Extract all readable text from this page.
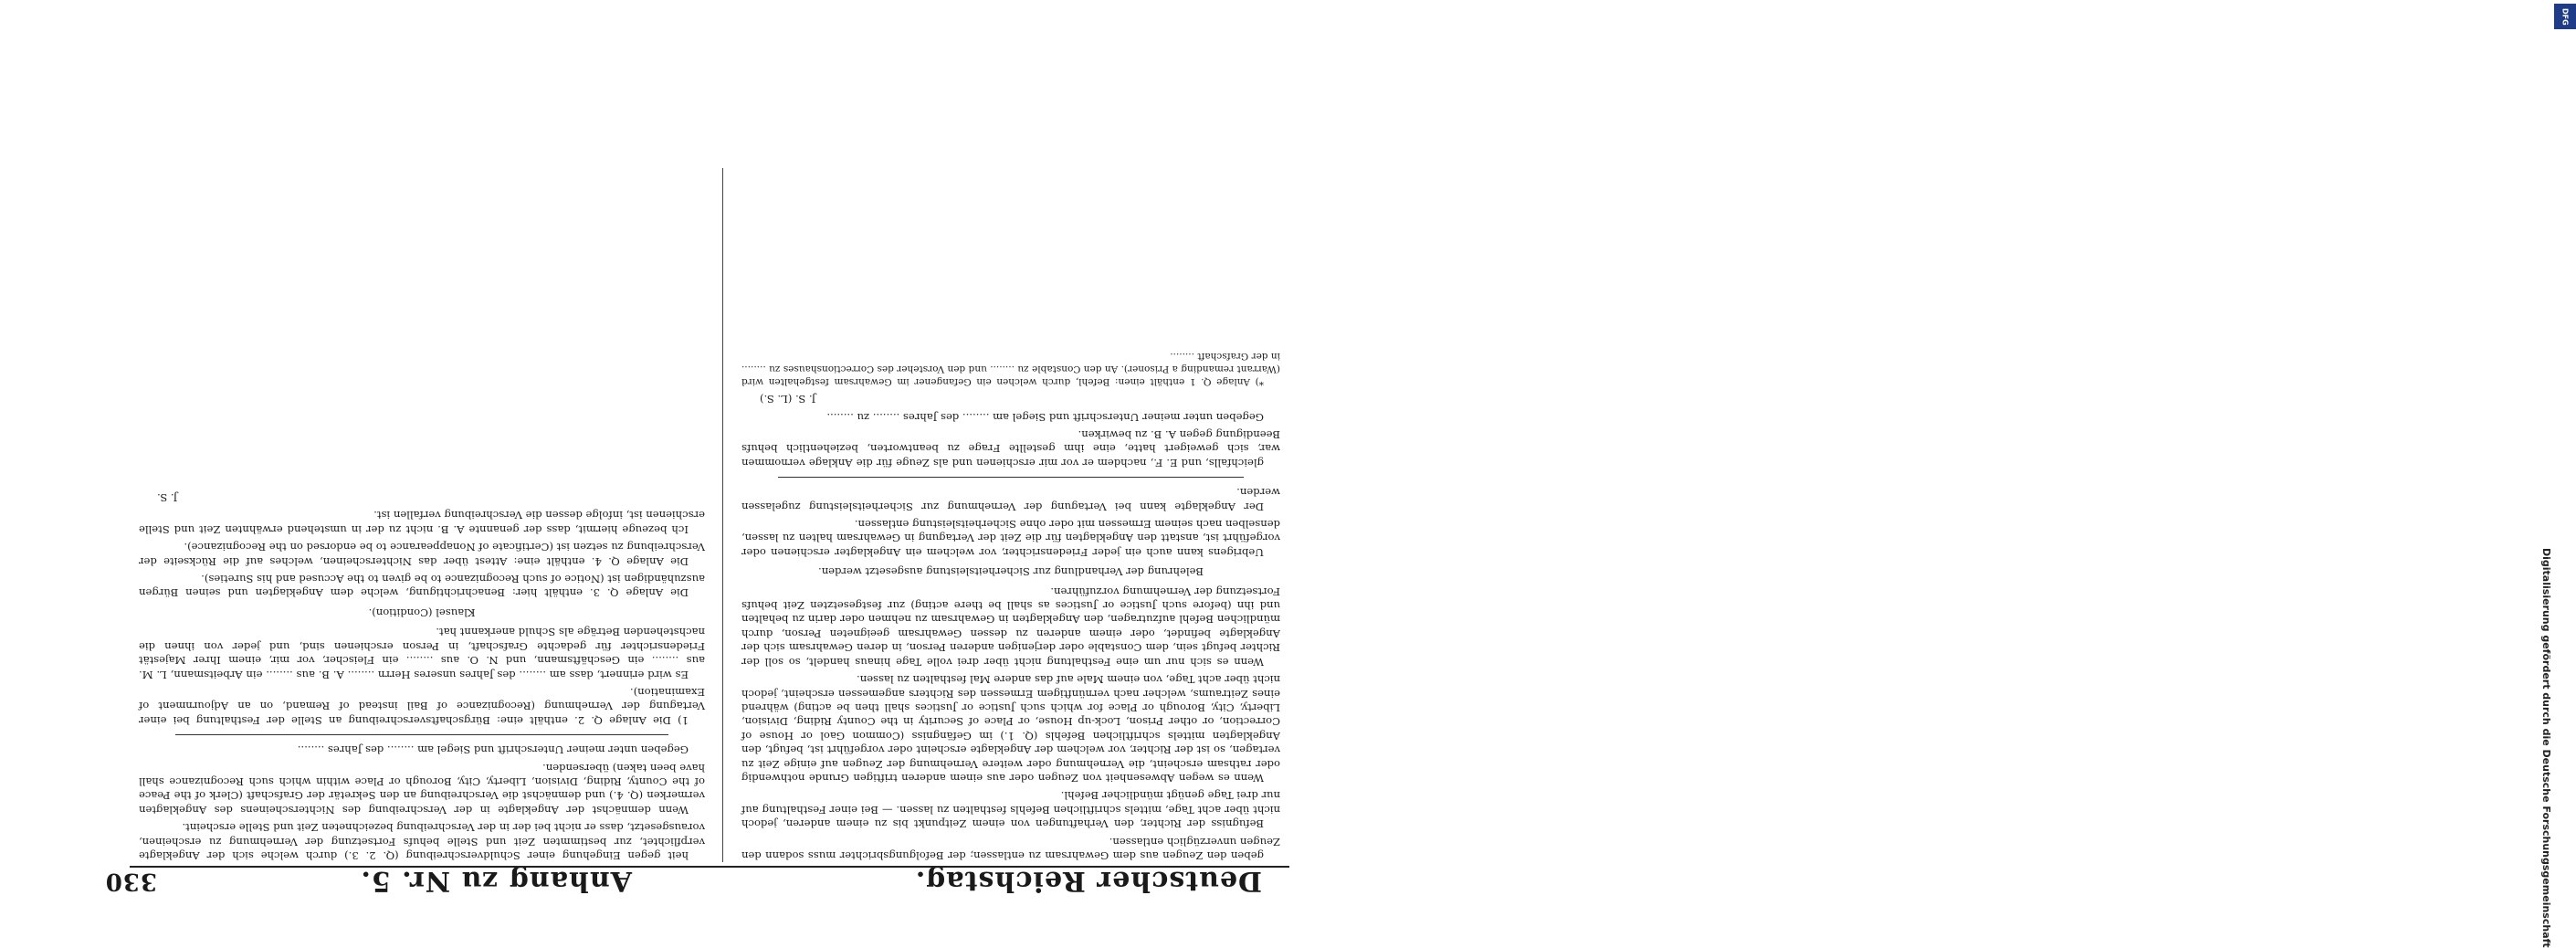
Deutscher Reichstag.
Anhang zu Nr. 5.
330

geben den Zeugen aus dem Gewahrsam zu entlassen; der Befolgungsbrichter muss sodann den Zeugen unverzüglich entlassen.

Befugniss der Richter, den Verhaftungen von einem Zeitpunkt bis zu einem anderen, jedoch nicht über acht Tage, mittels schriftlichen Befehls festhalten zu lassen. — Bei einer Festhaltung auf nur drei Tage genügt mündlicher Befehl.

Wenn es wegen Abwesenheit von Zeugen oder aus einem anderen triftigen Grunde nothwendig oder rathsam erscheint, die Vernehmung oder weitere Vernehmung der Zeugen auf einige Zeit zu vertagen, so ist der Richter, vor welchem der Angeklagte erscheint oder vorgeführt ist, befugt, den Angeklagten mittels schriftlichen Befehls (Q. 1.) im Gefängniss (Common Gaol or House of Correction, or other Prison, Lock-up House, or Place of Security in the County Riding, Division, Liberty, City, Borough or Place for which such Justice or Justices shall then be acting) während eines Zeitraums, welcher nach vernünftigem Ermessen des Richters angemessen erscheint, jedoch nicht über acht Tage, von einem Male auf das andere Mal festhalten zu lassen.

Wenn es sich nur um eine Festhaltung nicht über drei volle Tage hinaus handelt, so soll der Richter befugt sein, dem Constable oder derjenigen anderen Person, in deren Gewahrsam sich der Angeklagte befindet, oder einem anderen zu dessen Gewahrsam geeigneten Person, durch mündlichen Befehl aufzutragen, den Angeklagten in Gewahrsam zu nehmen oder darin zu behalten und ihn (before such Justice or Justices as shall be there acting) zur festgesetzten Zeit behufs Fortsetzung der Vernehmung vorzuführen.

Belehrung der Verhandlung zur Sicherheitsleistung ausgesetzt werden.

Uebrigens kann auch ein jeder Friedensrichter, vor welchem ein Angeklagter erschienen oder vorgeführt ist, anstatt den Angeklagten für die Zeit der Vertagung in Gewahrsam halten zu lassen, denselben nach seinem Ermessen mit oder ohne Sicherheitsleistung entlassen.

Der Angeklagte kann bei Vertagung der Vernehmung zur Sicherheitsleistung zugelassen werden.

gleichfalls, und E. F., nachdem er vor mir erschienen und als Zeuge für die Anklage vernommen war, sich geweigert hatte, eine ihm gestellte Frage zu beantworten, beziehentlich behufs Beendigung gegen A. B. zu bewirken.

Gegeben unter meiner Unterschrift und Siegel am ........ des Jahres ........ zu ........

J. S. (L. S.)

*) Anlage Q. 1 enthält einen: Befehl, durch welchen ein Gefangener im Gewahrsam festgehalten wird (Warrant remanding a Prisoner). An den Constable zu ........ und den Vorsteher des Correctionshauses zu ........ in der Grafschaft ........

heit gegen Eingehung einer Schuldverschreibung (Q. 2. 3.) durch welche sich der Angeklagte verpflichtet, zur bestimmten Zeit und Stelle behufs Fortsetzung der Vernehmung zu erscheinen, vorausgesetzt, dass er nicht bei der in der Verschreibung bezeichneten Zeit und Stelle erscheint.

Wenn demnächst der Angeklagte in der Verschreibung des Nichterscheinens des Angeklagten vermerken (Q. 4.) und demnächst die Verschreibung an den Sekretär der Grafschaft (Clerk of the Peace of the County, Riding, Division, Liberty, City, Borough or Place within which such Recognizance shall have been taken) übersenden.

Gegeben unter meiner Unterschrift und Siegel am ........ des Jahres ........

1) Die Anlage Q. 2. enthält eine: Bürgschaftsverschreibung an Stelle der Festhaltung bei einer Vertagung der Vernehmung (Recognizance of Bail instead of Remand, on an Adjournment of Examination).

Es wird erinnert, dass am ........ des Jahres unseres Herrn ........ A. B. aus ........ ein Arbeitsmann, L. M. aus ........ ein Geschäftsmann, und N. O. aus ........ ein Fleischer, vor mir, einem Ihrer Majestät Friedensrichter für gedachte Grafschaft, in Person erschienen sind, und jeder von ihnen die nachstehenden Beträge als Schuld anerkannt hat.

Klausel (Condition).

Die Anlage Q. 3. enthält hier: Benachrichtigung, welche dem Angeklagten und seinen Bürgen auszuhändigen ist (Notice of such Recognizance to be given to the Accused and his Sureties).

Die Anlage Q. 4. enthält eine: Attest über das Nichterscheinen, welches auf die Rückseite der Verschreibung zu setzen ist (Certificate of Nonappearance to be endorsed on the Recognizance).

Ich bezeuge hiermit, dass der genannte A. B. nicht zu der in umstehend erwähnten Zeit und Stelle erschienen ist, infolge dessen die Verschreibung verfallen ist.

J. S.

DFG
Digitalisierung gefördert durch die Deutsche Forschungsgemeinschaft
